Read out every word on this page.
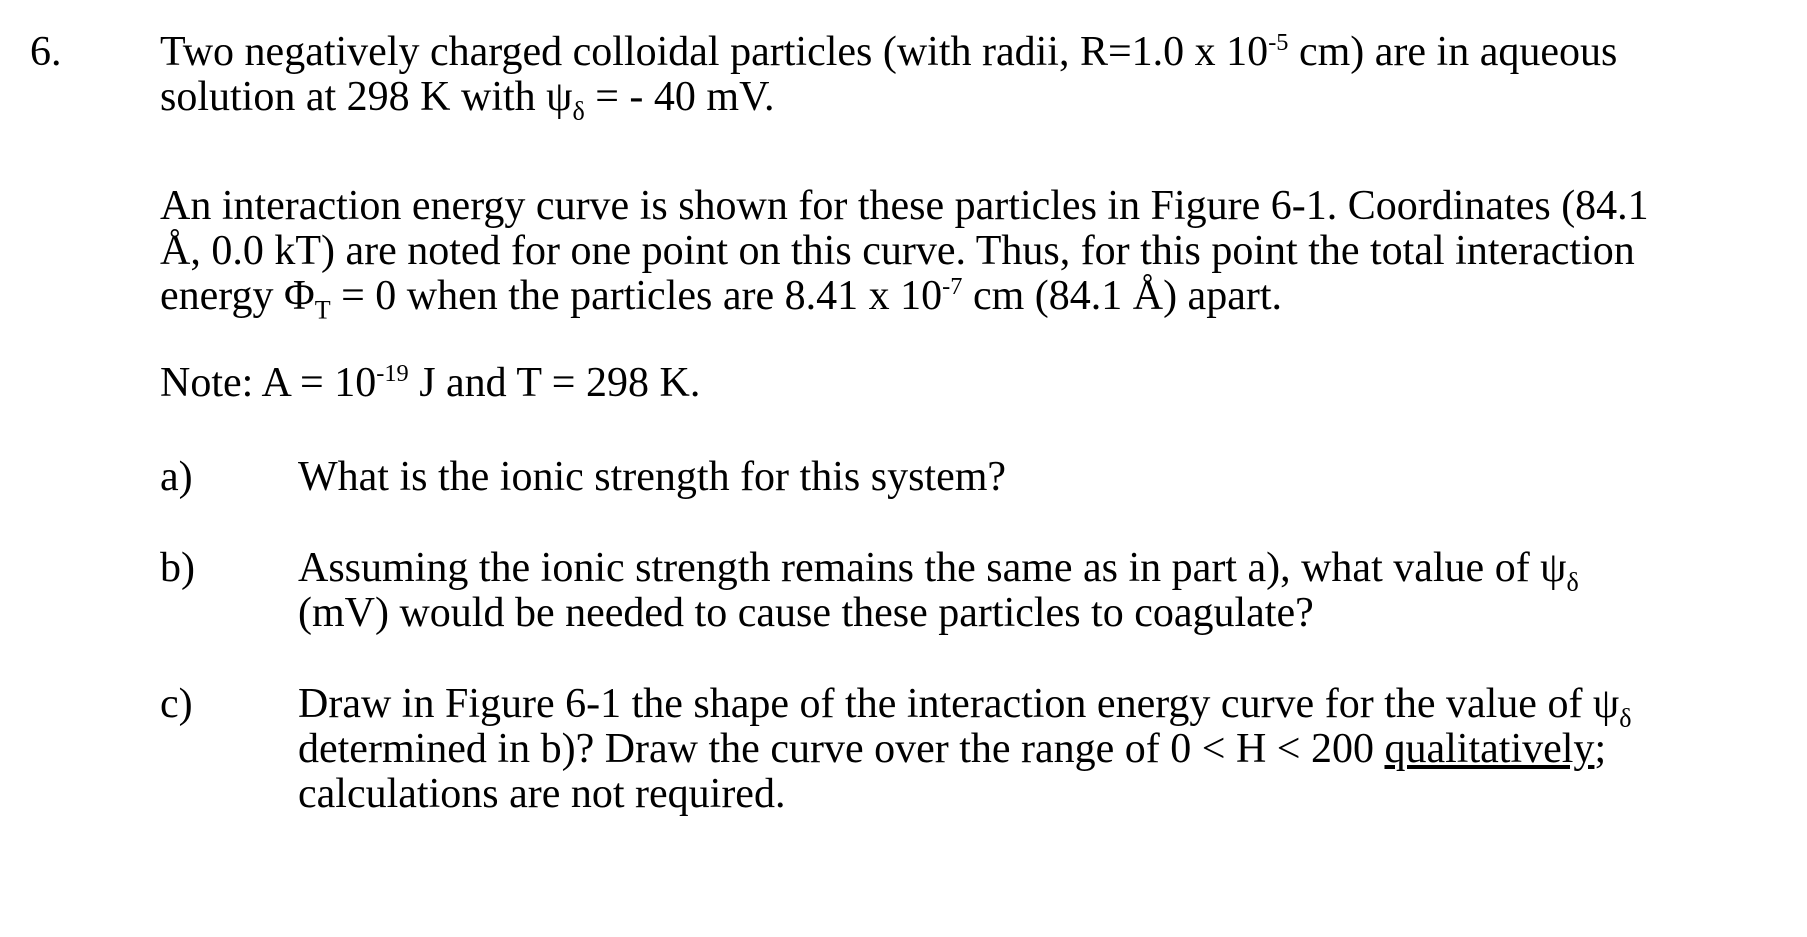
6. Two negatively charged colloidal particles (with radii, R=1.0 x $10^{-5}$ cm) are in aqueous
solution at 298 K with $\psi_\delta$ = - 40 mV.
An interaction energy curve is shown for these particles in Figure 6-1. Coordinates (84.1
Å, 0.0 kT) are noted for one point on this curve. Thus, for this point the total interaction
energy $\Phi_T = 0$ when the particles are 8.41 x $10^{-7}$ cm (84.1 Å) apart.
Note: $A = 10^{-19}$ J and T = 298 K.
a)	What is the ionic strength for this system?
b) Assuming the ionic strength remains the same as in part a), what value of $\psi_\delta$
(mV) would be needed to cause these particles to coagulate?
c)	Draw in Figure 6-1 the shape of the interaction energy curve for the value of $\psi_\delta$
determined in b)? Draw the curve over the range of 0 < H < 200 qualitatively;
calculations are not required.
